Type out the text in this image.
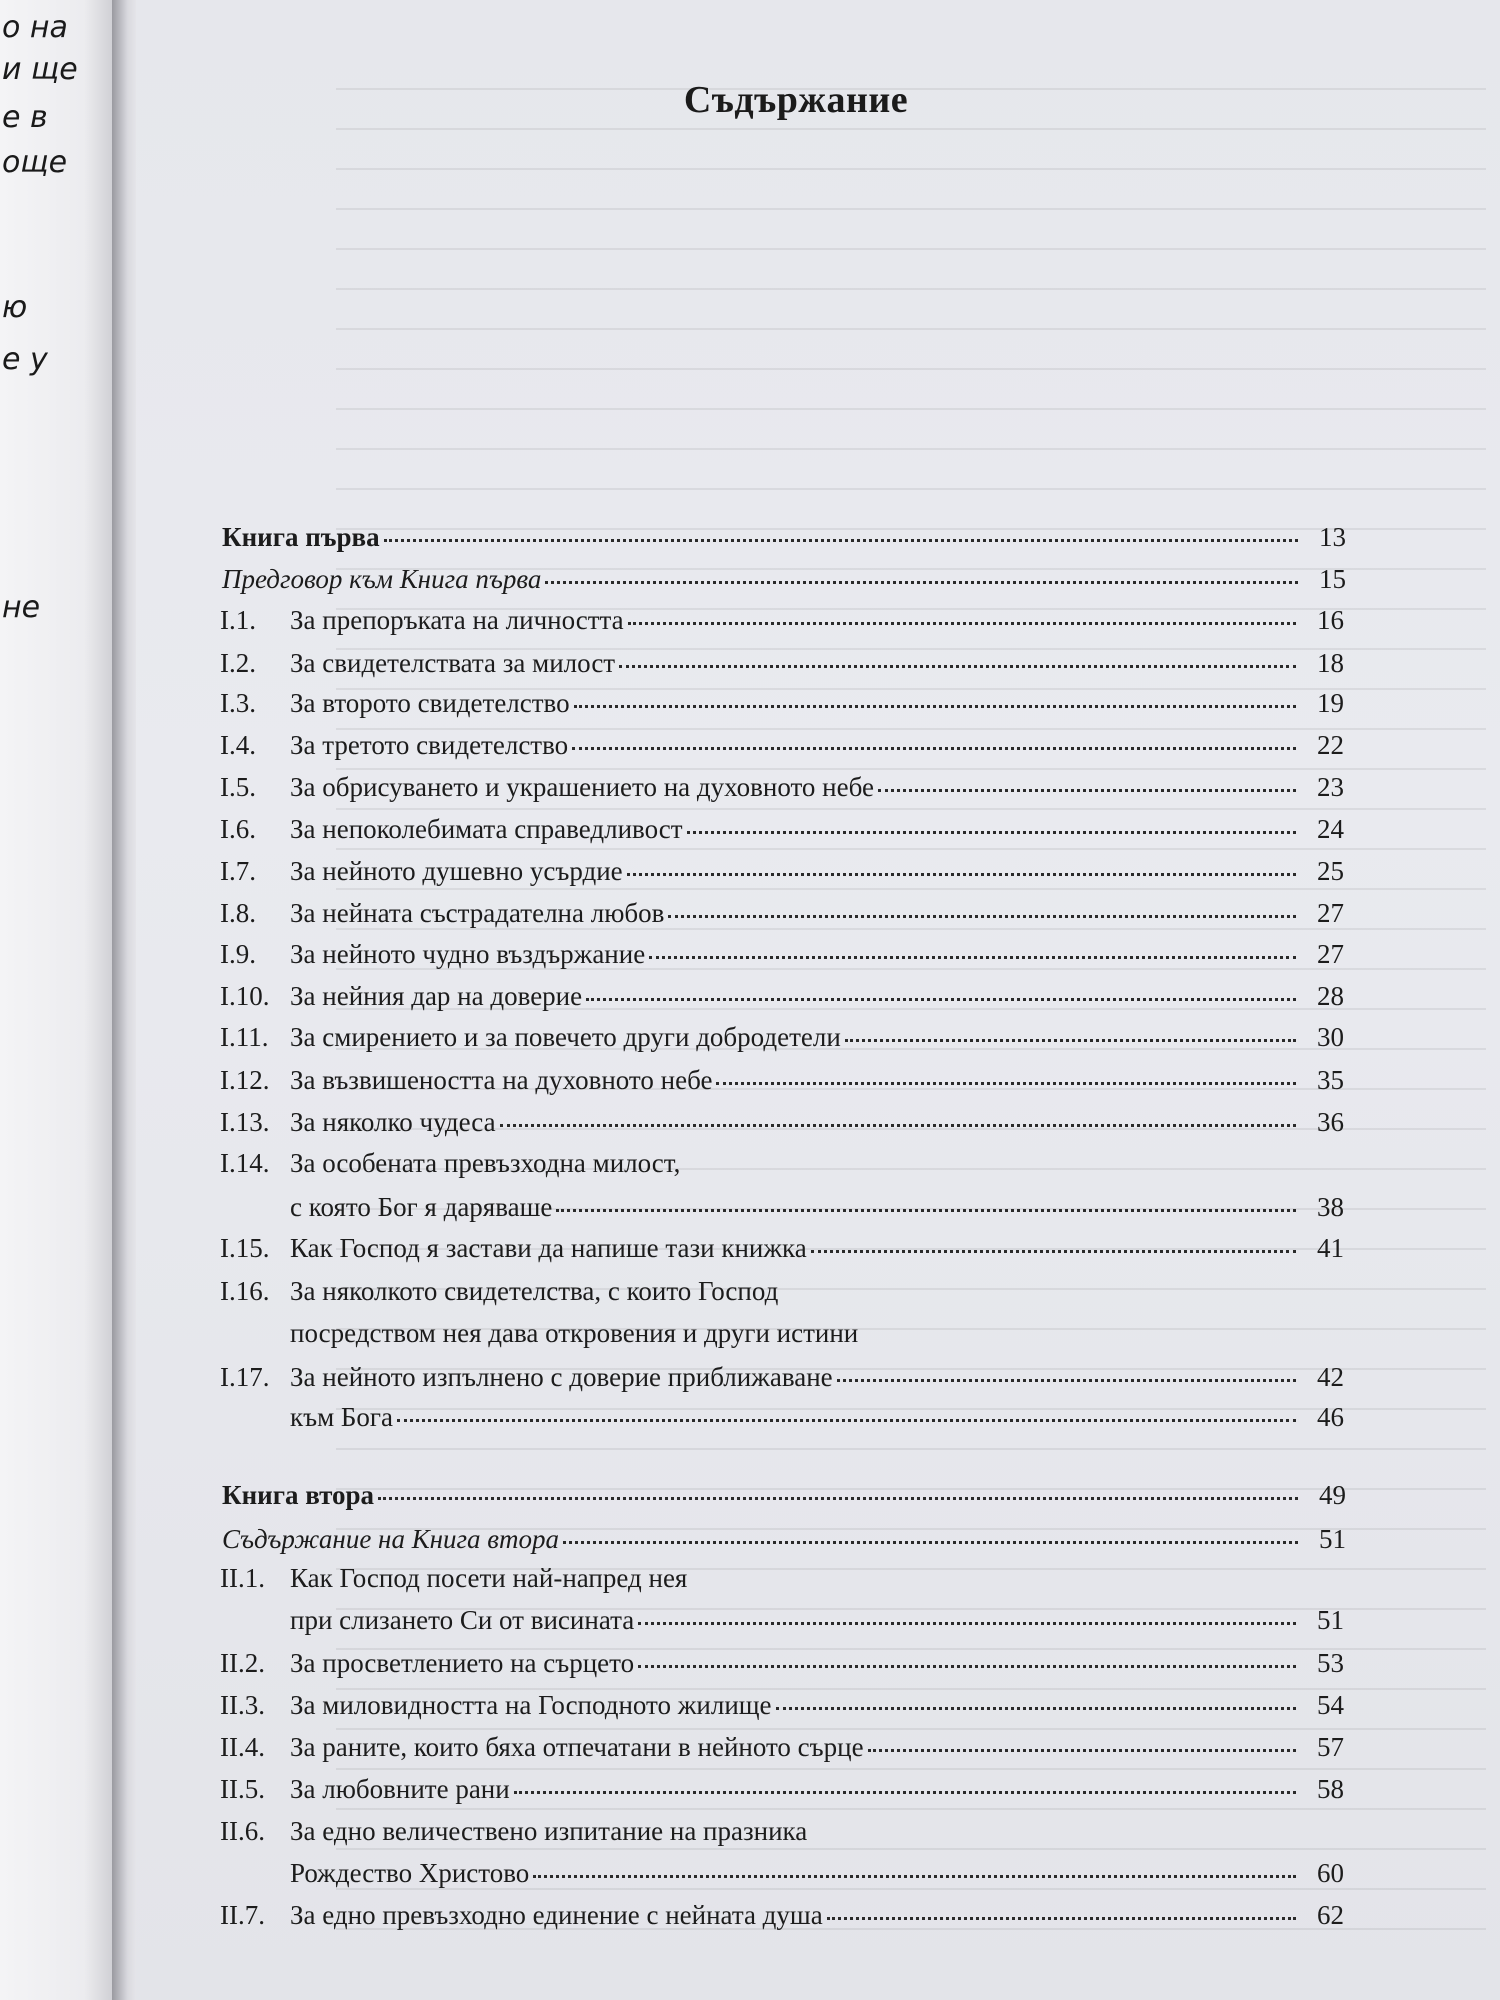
о на
и ще
е в
още
ю
е у
не
Съдържание
Книга първа	13
Предговор към Книга първа	15
I.1.	За препоръката на личността	16
I.2.	За свидетелствата за милост	18
I.3.	За второто свидетелство	19
I.4.	За третото свидетелство	22
I.5.	За обрисуването и украшението на духовното небе	23
I.6.	За непоколебимата справедливост	24
I.7.	За нейното душевно усърдие	25
I.8.	За нейната състрадателна любов	27
I.9.	За нейното чудно въздържание	27
I.10. За нейния дар на доверие	28
I.11. За смирението и за повечето други добродетели	30
I.12. За възвишеността на духовното небе	35
I.13. За няколко чудеса	36
I.14. За особената превъзходна милост,
с която Бог я даряваше	38
I.15. Как Господ я застави да напише тази книжка	41
I.16. За няколкото свидетелства, с които Господ
посредством нея дава откровения и други истини
I.17. За нейното изпълнено с доверие приближаване	42
към Бога	46
Книга втора	49
Съдържание на Книга втора	51
II.1. Как Господ посети най-напред нея
при слизането Си от висината	51
II.2. За просветлението на сърцето	53
II.3. За миловидността на Господното жилище	54
II.4. За раните, които бяха отпечатани в нейното сърце	57
II.5. За любовните рани	58
II.6. За едно величествено изпитание на празника
Рождество Христово	60
II.7. За едно превъзходно единение с нейната душа	62
